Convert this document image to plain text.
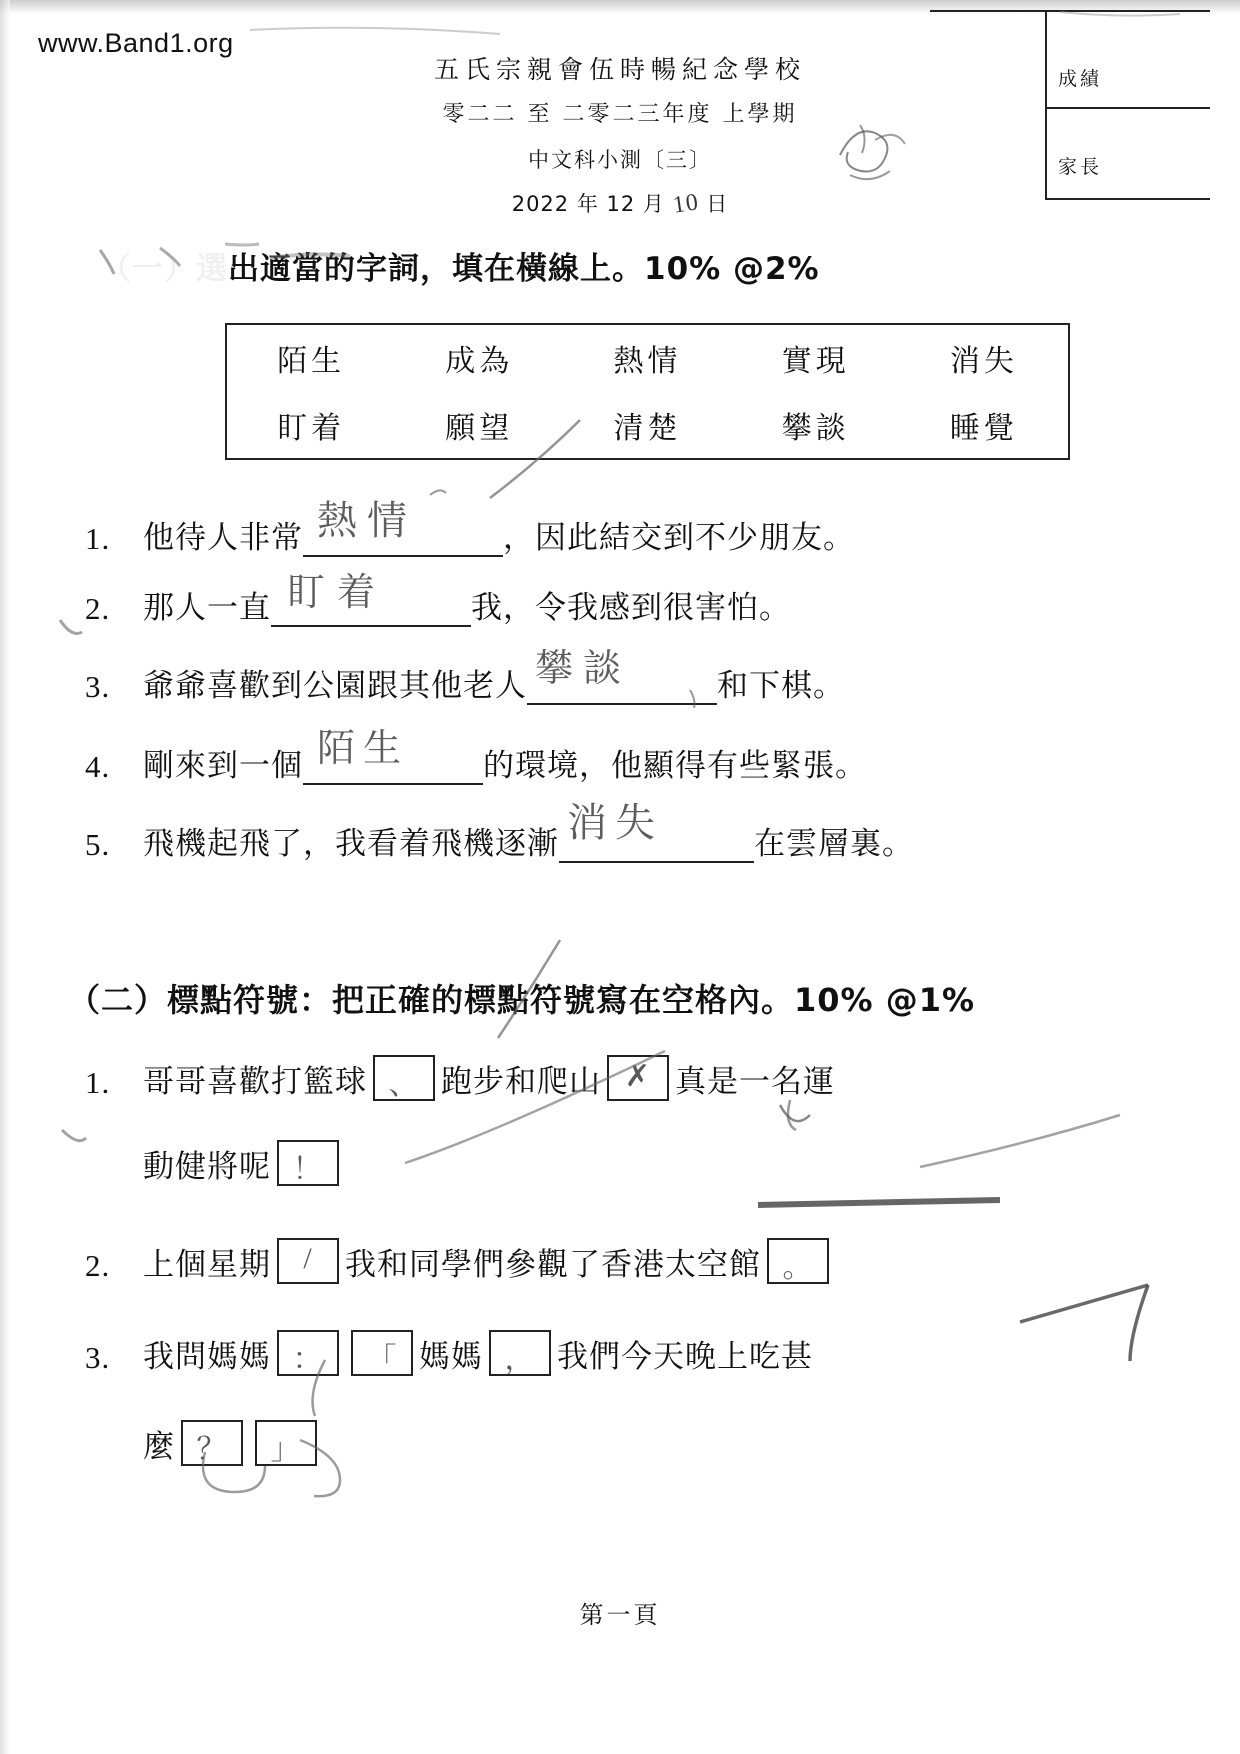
www.Band1.org
成績
家長
五氏宗親會伍時暢紀念學校
零二二 至 二零二三年度 上學期
中文科小測〔三〕
2022 年 12 月 10 日
（一）選出適當的字詞，填在橫線上。10% @2%
陌生	成為	熱情	實現	消失
盯着	願望	清楚	攀談	睡覺
1.	他待人非常 熱情	，因此結交到不少朋友。
2.	那人一直 盯着	我，令我感到很害怕。
3.	爺爺喜歡到公園跟其他老人 攀談	和下棋。
4.	剛來到一個 陌生 的環境，他顯得有些緊張。
5.	飛機起飛了，我看着飛機逐漸 消失	在雲層裏。
（二）標點符號：把正確的標點符號寫在空格內。10% @1%
1.	哥哥喜歡打籃球 、 跑步和爬山 ✗ 真是一名運
動健將呢 ！
2.	上個星期	/	我和同學們參觀了香港太空館 。
3.	我問媽媽 ：	「 媽媽 ， 我們今天晚上吃甚
麼 ？	」
第一頁
